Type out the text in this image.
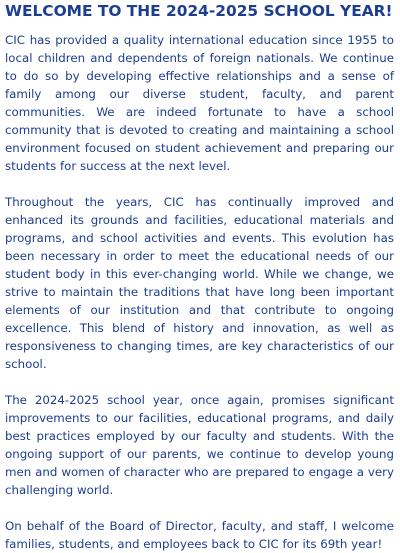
WELCOME TO THE 2024-2025 SCHOOL YEAR!

CIC has provided a quality international education since 1955 to local children and dependents of foreign nationals. We continue to do so by developing effective relationships and a sense of family among our diverse student, faculty, and parent communities. We are indeed fortunate to have a school community that is devoted to creating and maintaining a school environment focused on student achievement and preparing our students for success at the next level.

Throughout the years, CIC has continually improved and enhanced its grounds and facilities, educational materials and programs, and school activities and events. This evolution has been necessary in order to meet the educational needs of our student body in this ever-changing world. While we change, we strive to maintain the traditions that have long been important elements of our institution and that contribute to ongoing excellence. This blend of history and innovation, as well as responsiveness to changing times, are key characteristics of our school.

The 2024-2025 school year, once again, promises significant improvements to our facilities, educational programs, and daily best practices employed by our faculty and students. With the ongoing support of our parents, we continue to develop young men and women of character who are prepared to engage a very challenging world.

On behalf of the Board of Director, faculty, and staff, I welcome families, students, and employees back to CIC for its 69th year!
